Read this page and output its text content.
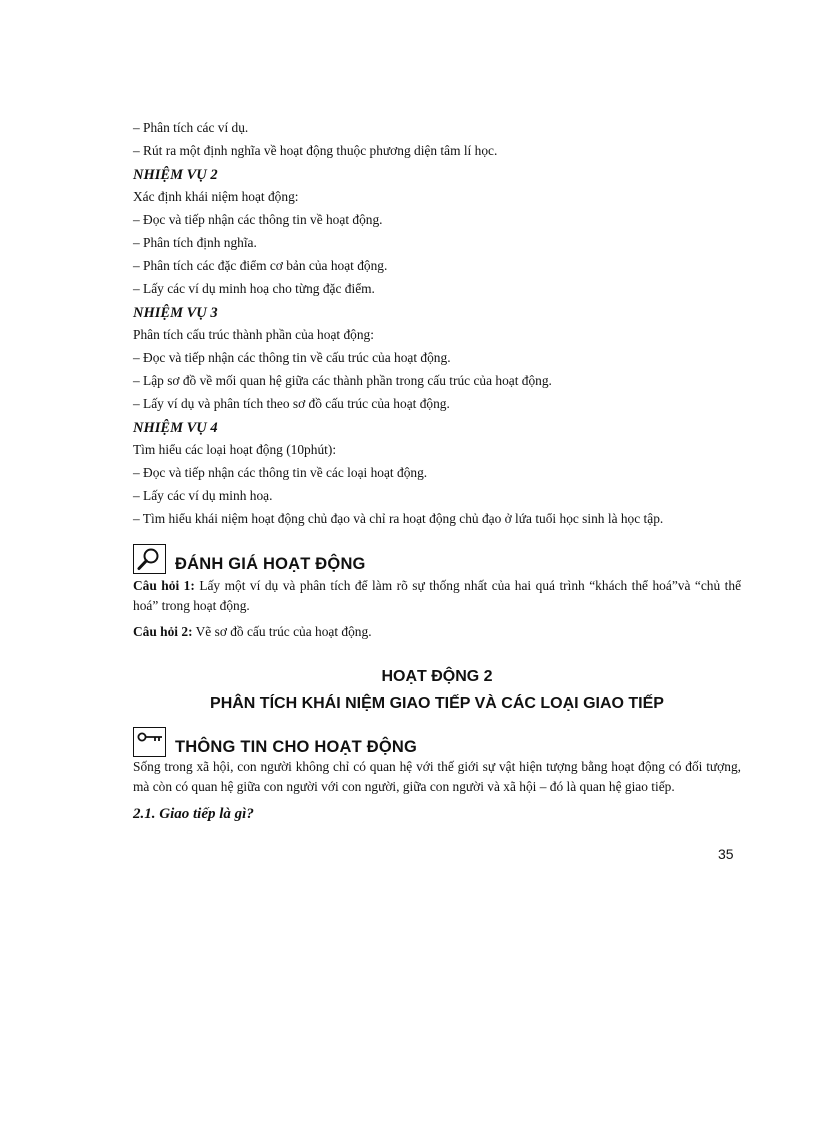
– Phân tích các ví dụ.
– Rút ra một định nghĩa về hoạt động thuộc phương diện tâm lí học.
NHIỆM VỤ 2
Xác định khái niệm hoạt động:
– Đọc và tiếp nhận các thông tin về hoạt động.
– Phân tích định nghĩa.
– Phân tích các đặc điểm cơ bản của hoạt động.
– Lấy các ví dụ minh hoạ cho từng đặc điểm.
NHIỆM VỤ 3
Phân tích cấu trúc thành phần của hoạt động:
– Đọc và tiếp nhận các thông tin về cấu trúc của hoạt động.
– Lập sơ đồ về mối quan hệ giữa các thành phần trong cấu trúc của hoạt động.
– Lấy ví dụ và phân tích theo sơ đồ cấu trúc của hoạt động.
NHIỆM VỤ 4
Tìm hiểu các loại hoạt động (10phút):
– Đọc và tiếp nhận các thông tin về các loại hoạt động.
– Lấy các ví dụ minh hoạ.
– Tìm hiểu khái niệm hoạt động chủ đạo và chỉ ra hoạt động chủ đạo ở lứa tuổi học sinh là học tập.
ĐÁNH GIÁ HOẠT ĐỘNG
Câu hỏi 1: Lấy một ví dụ và phân tích để làm rõ sự thống nhất của hai quá trình “khách thể hoá”và “chủ thể hoá” trong hoạt động.
Câu hỏi 2: Vẽ sơ đồ cấu trúc của hoạt động.
HOẠT ĐỘNG 2
PHÂN TÍCH KHÁI NIỆM GIAO TIẾP VÀ CÁC LOẠI GIAO TIẾP
THÔNG TIN CHO HOẠT ĐỘNG
Sống trong xã hội, con người không chỉ có quan hệ với thế giới sự vật hiện tượng bằng hoạt động có đối tượng, mà còn có quan hệ giữa con người với con người, giữa con người và xã hội – đó là quan hệ giao tiếp.
2.1. Giao tiếp là gì?
35
